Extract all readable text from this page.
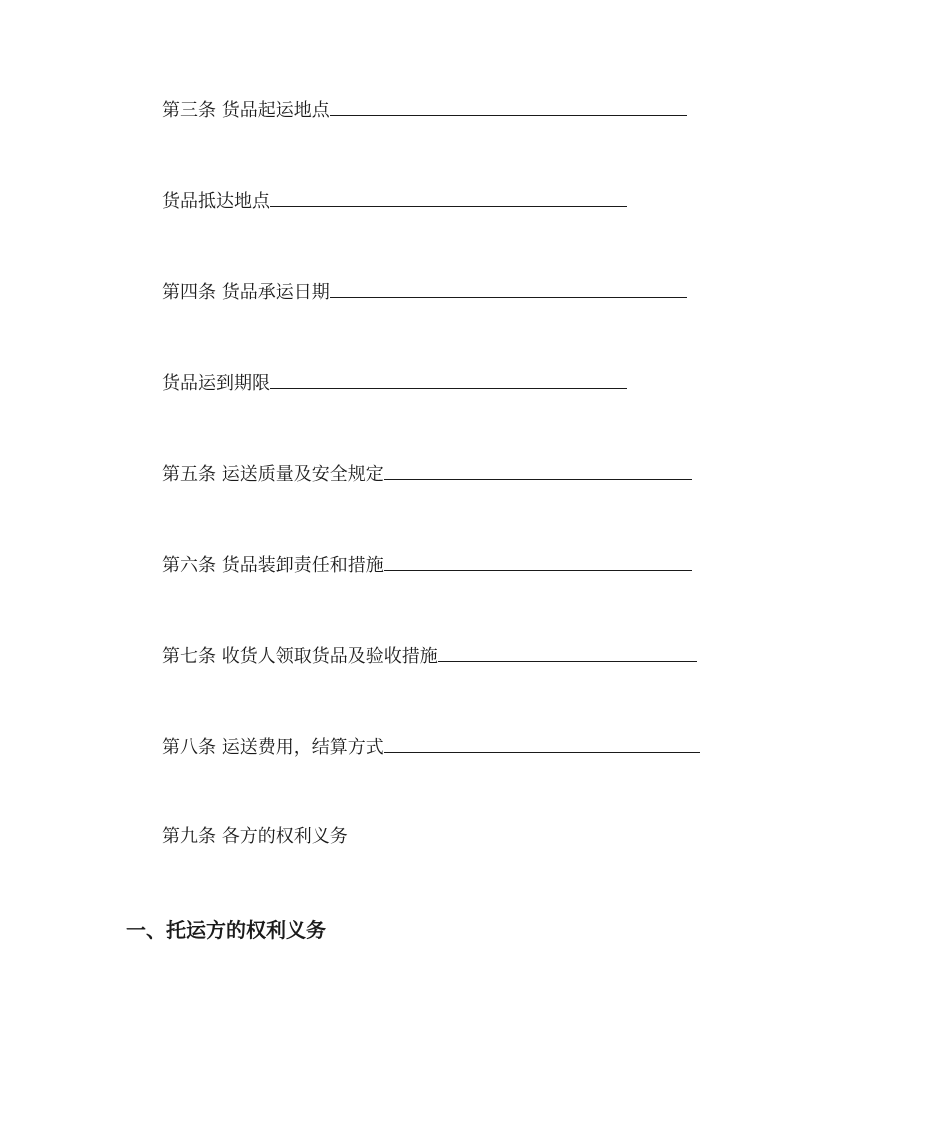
第三条 货品起运地点
货品抵达地点
第四条 货品承运日期
货品运到期限
第五条 运送质量及安全规定
第六条 货品装卸责任和措施
第七条 收货人领取货品及验收措施
第八条 运送费用，结算方式
第九条 各方的权利义务
一、托运方的权利义务
